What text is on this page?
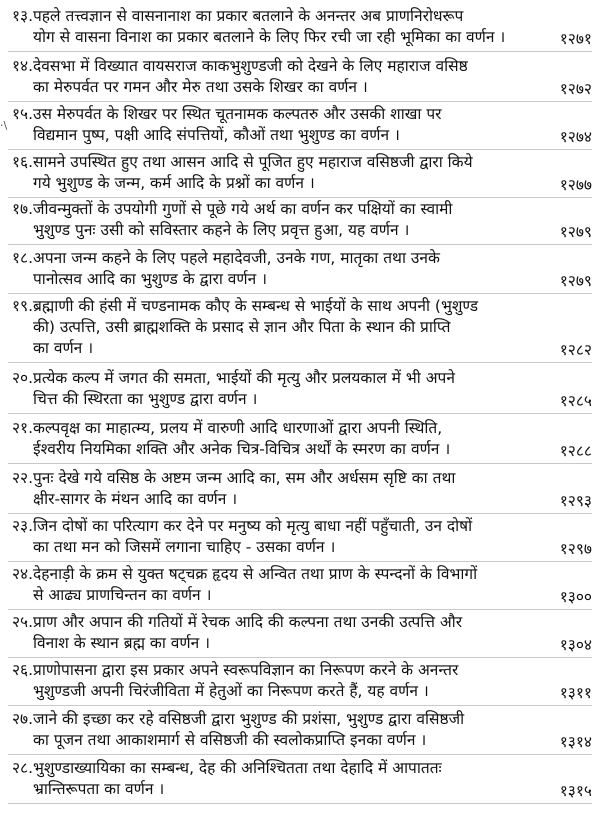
१३. पहले तत्त्वज्ञान से वासनानाश का प्रकार बतलाने के अनन्तर अब प्राणनिरोधरूप
योग से वासना विनाश का प्रकार बतलाने के लिए फिर रची जा रही भूमिका का वर्णन ।	१२७१
१४. देवसभा में विख्यात वायसराज काकभुशुण्डजी को देखने के लिए महाराज वसिष्ठ
का मेरुपर्वत पर गमन और मेरु तथा उसके शिखर का वर्णन ।	१२७२
१५. उस मेरुपर्वत के शिखर पर स्थित चूतनामक कल्पतरु और उसकी शाखा पर
विद्यमान पुष्प, पक्षी आदि संपत्तियों, कौओं तथा भुशुण्ड का वर्णन ।	१२७४
१६. सामने उपस्थित हुए तथा आसन आदि से पूजित हुए महाराज वसिष्ठजी द्वारा किये
गये भुशुण्ड के जन्म, कर्म आदि के प्रश्नों का वर्णन ।	१२७७
१७. जीवन्मुक्तों के उपयोगी गुणों से पूछे गये अर्थ का वर्णन कर पक्षियों का स्वामी
भुशुण्ड पुनः उसी को सविस्तार कहने के लिए प्रवृत्त हुआ, यह वर्णन ।	१२७९
१८. अपना जन्म कहने के लिए पहले महादेवजी, उनके गण, मातृका तथा उनके
पानोत्सव आदि का भुशुण्ड के द्वारा वर्णन ।	१२७९
१९. ब्रह्माणी की हंसी में चण्डनामक कौए के सम्बन्ध से भाईयों के साथ अपनी (भुशुण्ड
की) उत्पत्ति, उसी ब्राह्मशक्ति के प्रसाद से ज्ञान और पिता के स्थान की प्राप्ति
का वर्णन ।	१२८२
२०. प्रत्येक कल्प में जगत की समता, भाईयों की मृत्यु और प्रलयकाल में भी अपने
चित्त की स्थिरता का भुशुण्ड द्वारा वर्णन ।	१२८५
२१. कल्पवृक्ष का माहात्म्य, प्रलय में वारुणी आदि धारणाओं द्वारा अपनी स्थिति,
ईश्वरीय नियमिका शक्ति और अनेक चित्र-विचित्र अर्थों के स्मरण का वर्णन ।	१२८८
२२. पुनः देखे गये वसिष्ठ के अष्टम जन्म आदि का, सम और अर्धसम सृष्टि का तथा
क्षीर-सागर के मंथन आदि का वर्णन ।	१२९३
२३. जिन दोषों का परित्याग कर देने पर मनुष्य को मृत्यु बाधा नहीं पहुँचाती, उन दोषों
का तथा मन को जिसमें लगाना चाहिए - उसका वर्णन ।	१२९७
२४. देहनाड़ी के क्रम से युक्त षट्चक्र हृदय से अन्वित तथा प्राण के स्पन्दनों के विभागों
से आढ्य प्राणचिन्तन का वर्णन ।	१३००
२५. प्राण और अपान की गतियों में रेचक आदि की कल्पना तथा उनकी उत्पत्ति और
विनाश के स्थान ब्रह्म का वर्णन ।	१३०४
२६. प्राणोपासना द्वारा इस प्रकार अपने स्वरूपविज्ञान का निरूपण करने के अनन्तर
भुशुण्डजी अपनी चिरंजीविता में हेतुओं का निरूपण करते हैं, यह वर्णन ।	१३११
२७. जाने की इच्छा कर रहे वसिष्ठजी द्वारा भुशुण्ड की प्रशंसा, भुशुण्ड द्वारा वसिष्ठजी
का पूजन तथा आकाशमार्ग से वसिष्ठजी की स्वलोकप्राप्ति इनका वर्णन ।	१३१४
२८. भुशुण्डाख्यायिका का सम्बन्ध, देह की अनिश्चितता तथा देहादि में आपाततः
भ्रान्तिरूपता का वर्णन ।	१३१५
·\
